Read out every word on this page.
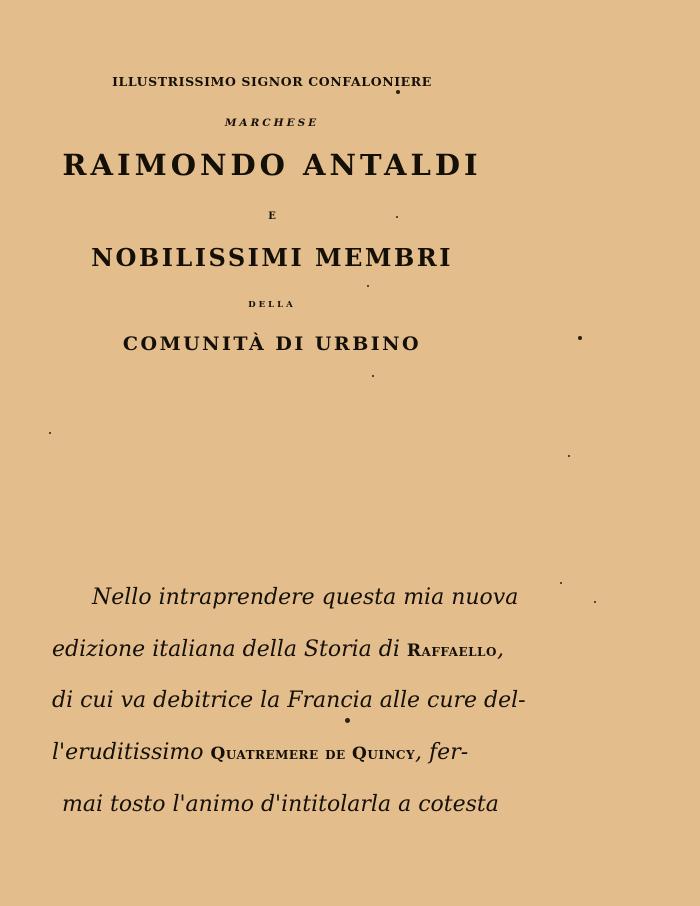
ILLUSTRISSIMO SIGNOR CONFALONIERE
MARCHESE
RAIMONDO ANTALDI
E
NOBILISSIMI MEMBRI
DELLA
COMUNITÀ DI URBINO
Nello intraprendere questa mia nuova
edizione italiana della Storia di Raffaello,
di cui va debitrice la Francia alle cure del-
l'eruditissimo Quatremere de Quincy, fer-
mai tosto l'animo d'intitolarla a cotesta
